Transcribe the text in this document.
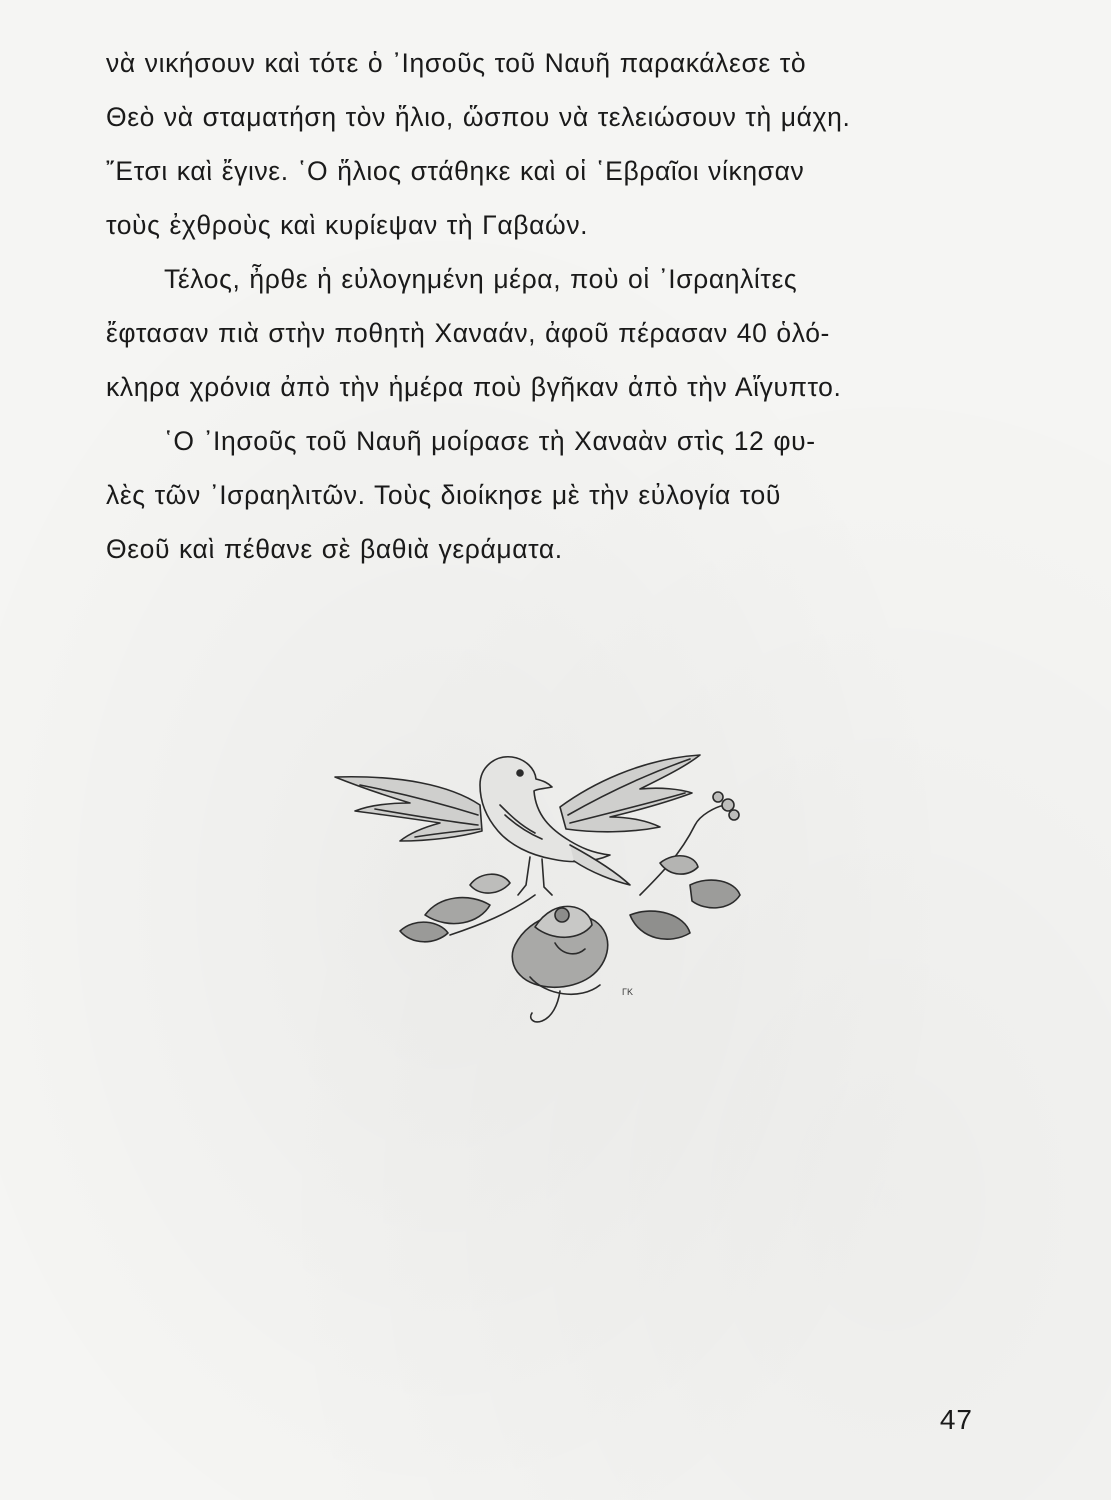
νὰ νικήσουν καὶ τότε ὁ ᾿Ιησοῦς τοῦ Ναυῆ παρακάλεσε τὸ
Θεὸ νὰ σταματήση τὸν ἥλιο, ὥσπου νὰ τελειώσουν τὴ μάχη.
῎Ετσι καὶ ἔγινε. ῾Ο ἥλιος στάθηκε καὶ οἱ ῾Εβραῖοι νίκησαν
τοὺς ἐχθροὺς καὶ κυρίεψαν τὴ Γαβαών.

Τέλος, ἦρθε ἡ εὐλογημένη μέρα, ποὺ οἱ ᾿Ισραηλίτες
ἔφτασαν πιὰ στὴν ποθητὴ Χαναάν, ἀφοῦ πέρασαν 40 ὁλό-
κληρα χρόνια ἀπὸ τὴν ἡμέρα ποὺ βγῆκαν ἀπὸ τὴν Αἴγυπτο.

῾Ο ᾿Ιησοῦς τοῦ Ναυῆ μοίρασε τὴ Χαναὰν στὶς 12 φυ-
λὲς τῶν ᾿Ισραηλιτῶν. Τοὺς διοίκησε μὲ τὴν εὐλογία τοῦ
Θεοῦ καὶ πέθανε σὲ βαθιὰ γεράματα.

ΓΚ
47
